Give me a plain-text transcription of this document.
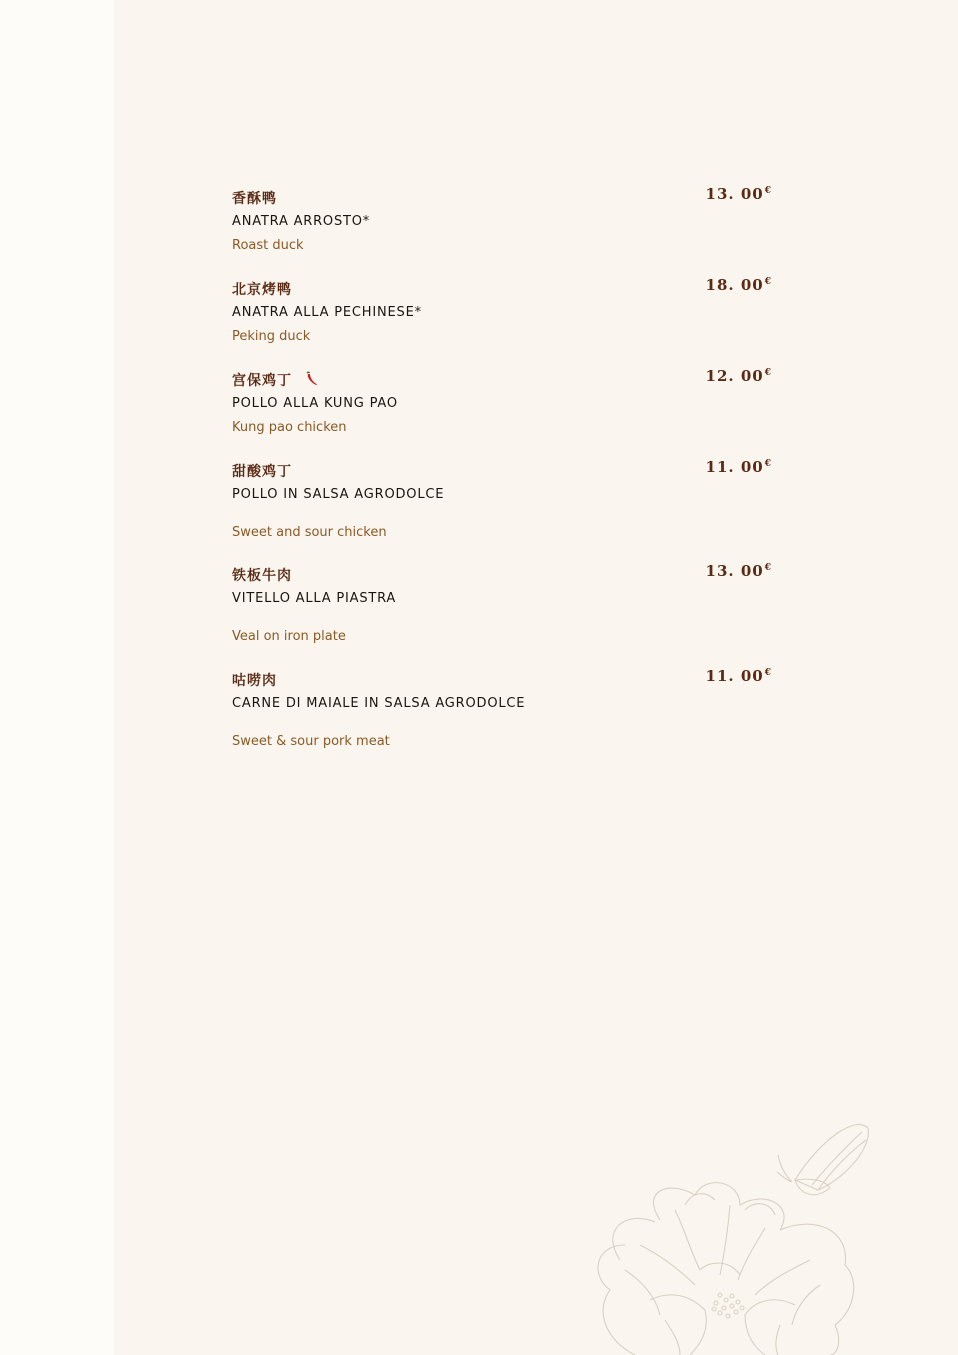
香酥鸭	13. 00€
ANATRA ARROSTO*
Roast duck
北京烤鸭	18. 00€
ANATRA ALLA PECHINESE*
Peking duck
宫保鸡丁	12. 00€
POLLO ALLA KUNG PAO
Kung pao chicken
甜酸鸡丁	11. 00€
POLLO IN SALSA AGRODOLCE
Sweet and sour chicken
铁板牛肉	13. 00€
VITELLO ALLA PIASTRA
Veal on iron plate
咕唠肉	11. 00€
CARNE DI MAIALE IN SALSA AGRODOLCE
Sweet & sour pork meat
